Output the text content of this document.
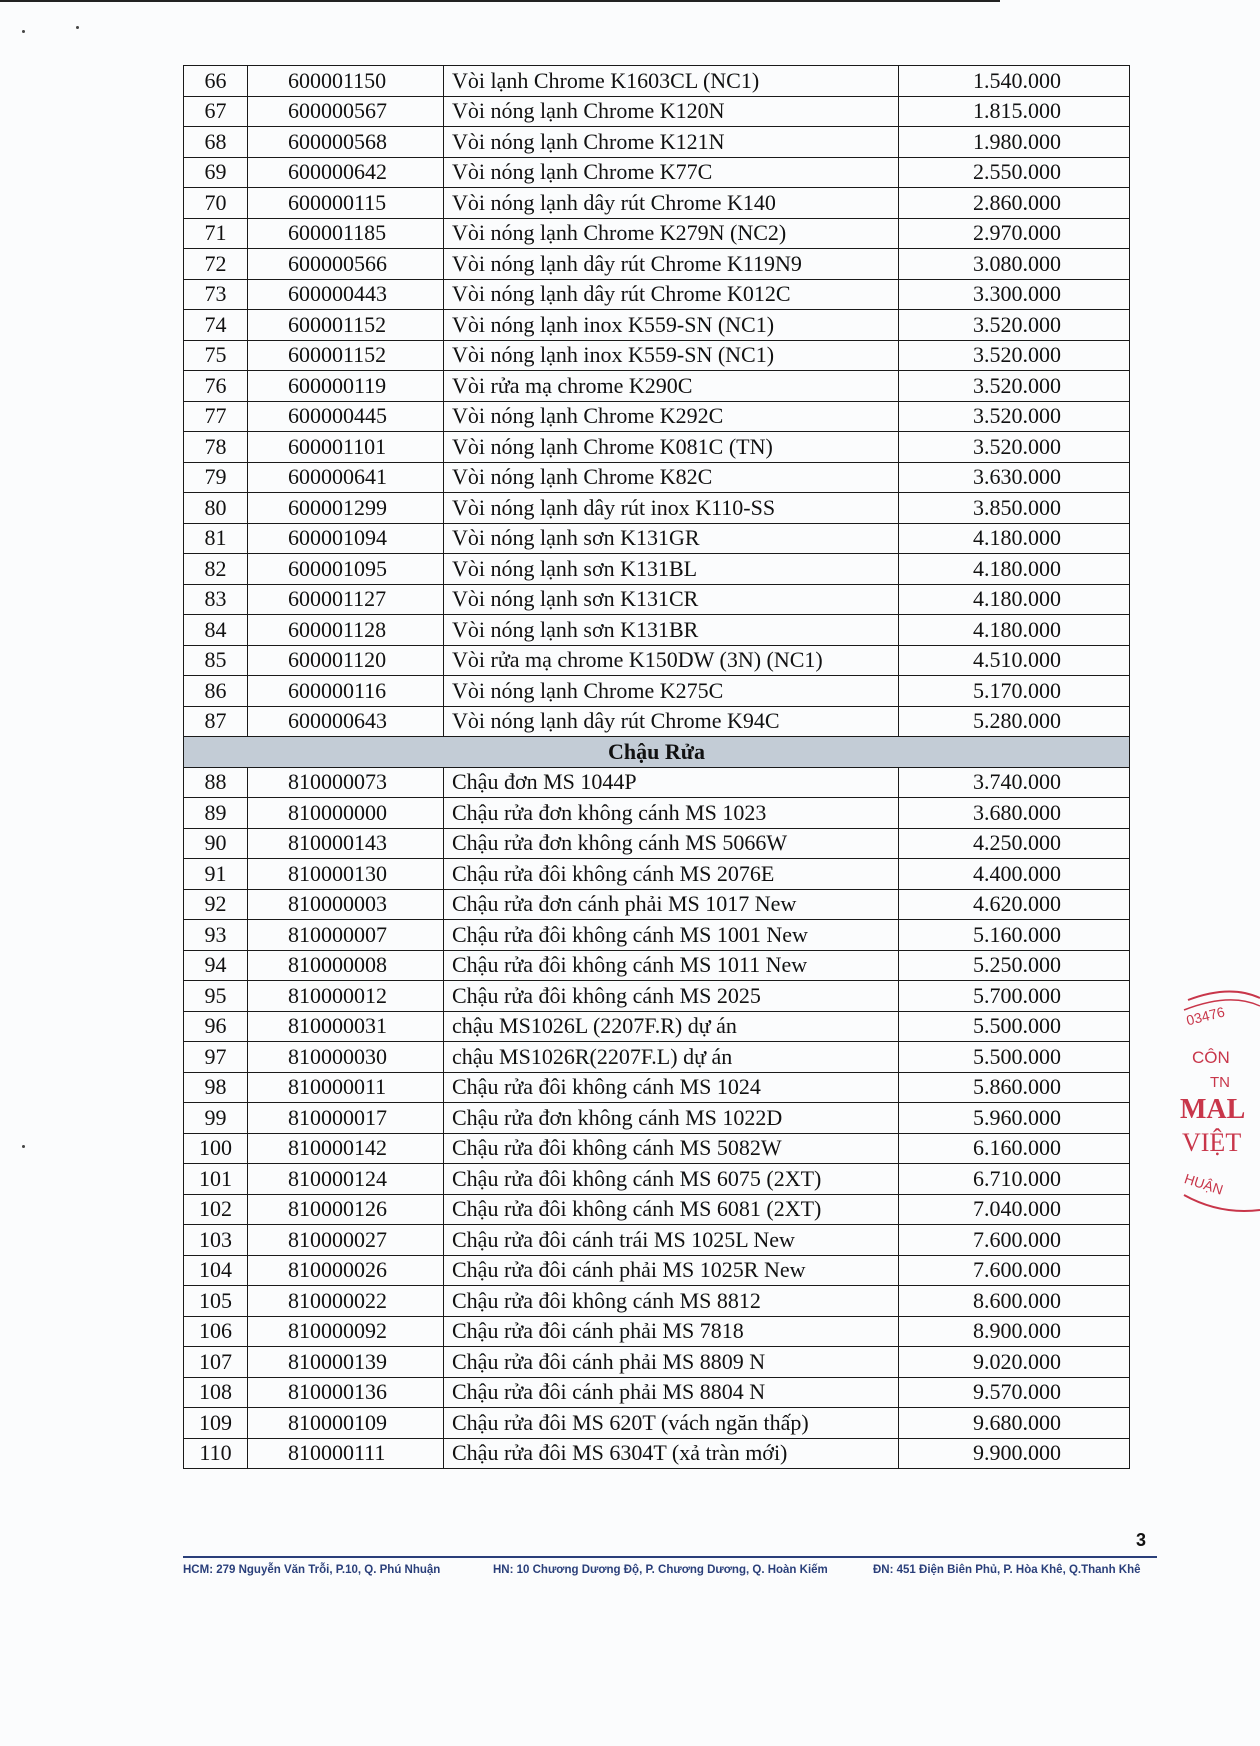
66	600001150	Vòi lạnh Chrome K1603CL (NC1)	1.540.000
67	600000567	Vòi nóng lạnh Chrome K120N	1.815.000
68	600000568	Vòi nóng lạnh Chrome K121N	1.980.000
69	600000642	Vòi nóng lạnh Chrome K77C	2.550.000
70	600000115	Vòi nóng lạnh dây rút Chrome K140	2.860.000
71	600001185	Vòi nóng lạnh Chrome K279N (NC2)	2.970.000
72	600000566	Vòi nóng lạnh dây rút Chrome K119N9	3.080.000
73	600000443	Vòi nóng lạnh dây rút Chrome K012C	3.300.000
74	600001152	Vòi nóng lạnh inox K559-SN (NC1)	3.520.000
75	600001152	Vòi nóng lạnh inox K559-SN (NC1)	3.520.000
76	600000119	Vòi rửa mạ chrome K290C	3.520.000
77	600000445	Vòi nóng lạnh Chrome K292C	3.520.000
78	600001101	Vòi nóng lạnh Chrome K081C (TN)	3.520.000
79	600000641	Vòi nóng lạnh Chrome K82C	3.630.000
80	600001299	Vòi nóng lạnh dây rút inox K110-SS	3.850.000
81	600001094	Vòi nóng lạnh sơn K131GR	4.180.000
82	600001095	Vòi nóng lạnh sơn K131BL	4.180.000
83	600001127	Vòi nóng lạnh sơn K131CR	4.180.000
84	600001128	Vòi nóng lạnh sơn K131BR	4.180.000
85	600001120	Vòi rửa mạ chrome K150DW (3N) (NC1)	4.510.000
86	600000116	Vòi nóng lạnh Chrome K275C	5.170.000
87	600000643	Vòi nóng lạnh dây rút Chrome K94C	5.280.000
Chậu Rửa			
88	810000073	Chậu đơn MS 1044P	3.740.000
89	810000000	Chậu rửa đơn không cánh MS 1023	3.680.000
90	810000143	Chậu rửa đơn không cánh MS 5066W	4.250.000
91	810000130	Chậu rửa đôi không cánh MS 2076E	4.400.000
92	810000003	Chậu rửa đơn cánh phải MS 1017 New	4.620.000
93	810000007	Chậu rửa đôi không cánh MS 1001 New	5.160.000
94	810000008	Chậu rửa đôi không cánh MS 1011 New	5.250.000
95	810000012	Chậu rửa đôi không cánh MS 2025	5.700.000
96	810000031	chậu MS1026L (2207F.R) dự án	5.500.000
97	810000030	chậu MS1026R(2207F.L) dự án	5.500.000
98	810000011	Chậu rửa đôi không cánh MS 1024	5.860.000
99	810000017	Chậu rửa đơn không cánh MS 1022D	5.960.000
100	810000142	Chậu rửa đôi không cánh MS 5082W	6.160.000
101	810000124	Chậu rửa đôi không cánh MS 6075 (2XT)	6.710.000
102	810000126	Chậu rửa đôi không cánh MS 6081 (2XT)	7.040.000
103	810000027	Chậu rửa đôi cánh trái MS 1025L New	7.600.000
104	810000026	Chậu rửa đôi cánh phải MS 1025R New	7.600.000
105	810000022	Chậu rửa đôi không cánh MS 8812	8.600.000
106	810000092	Chậu rửa đôi cánh phải MS 7818	8.900.000
107	810000139	Chậu rửa đôi cánh phải MS 8809 N	9.020.000
108	810000136	Chậu rửa đôi cánh phải MS 8804 N	9.570.000
109	810000109	Chậu rửa đôi MS 620T (vách ngăn thấp)	9.680.000
110	810000111	Chậu rửa đôi MS 6304T (xả tràn mới)	9.900.000
3
HCM: 279 Nguyễn Văn Trỗi, P.10, Q. Phú Nhuận	HN: 10 Chương Dương Độ, P. Chương Dương, Q. Hoàn Kiếm	ĐN: 451 Điện Biên Phủ, P. Hòa Khê, Q.Thanh Khê
03476
CÔN
TN
MAL
VIỆT
HUẬN
